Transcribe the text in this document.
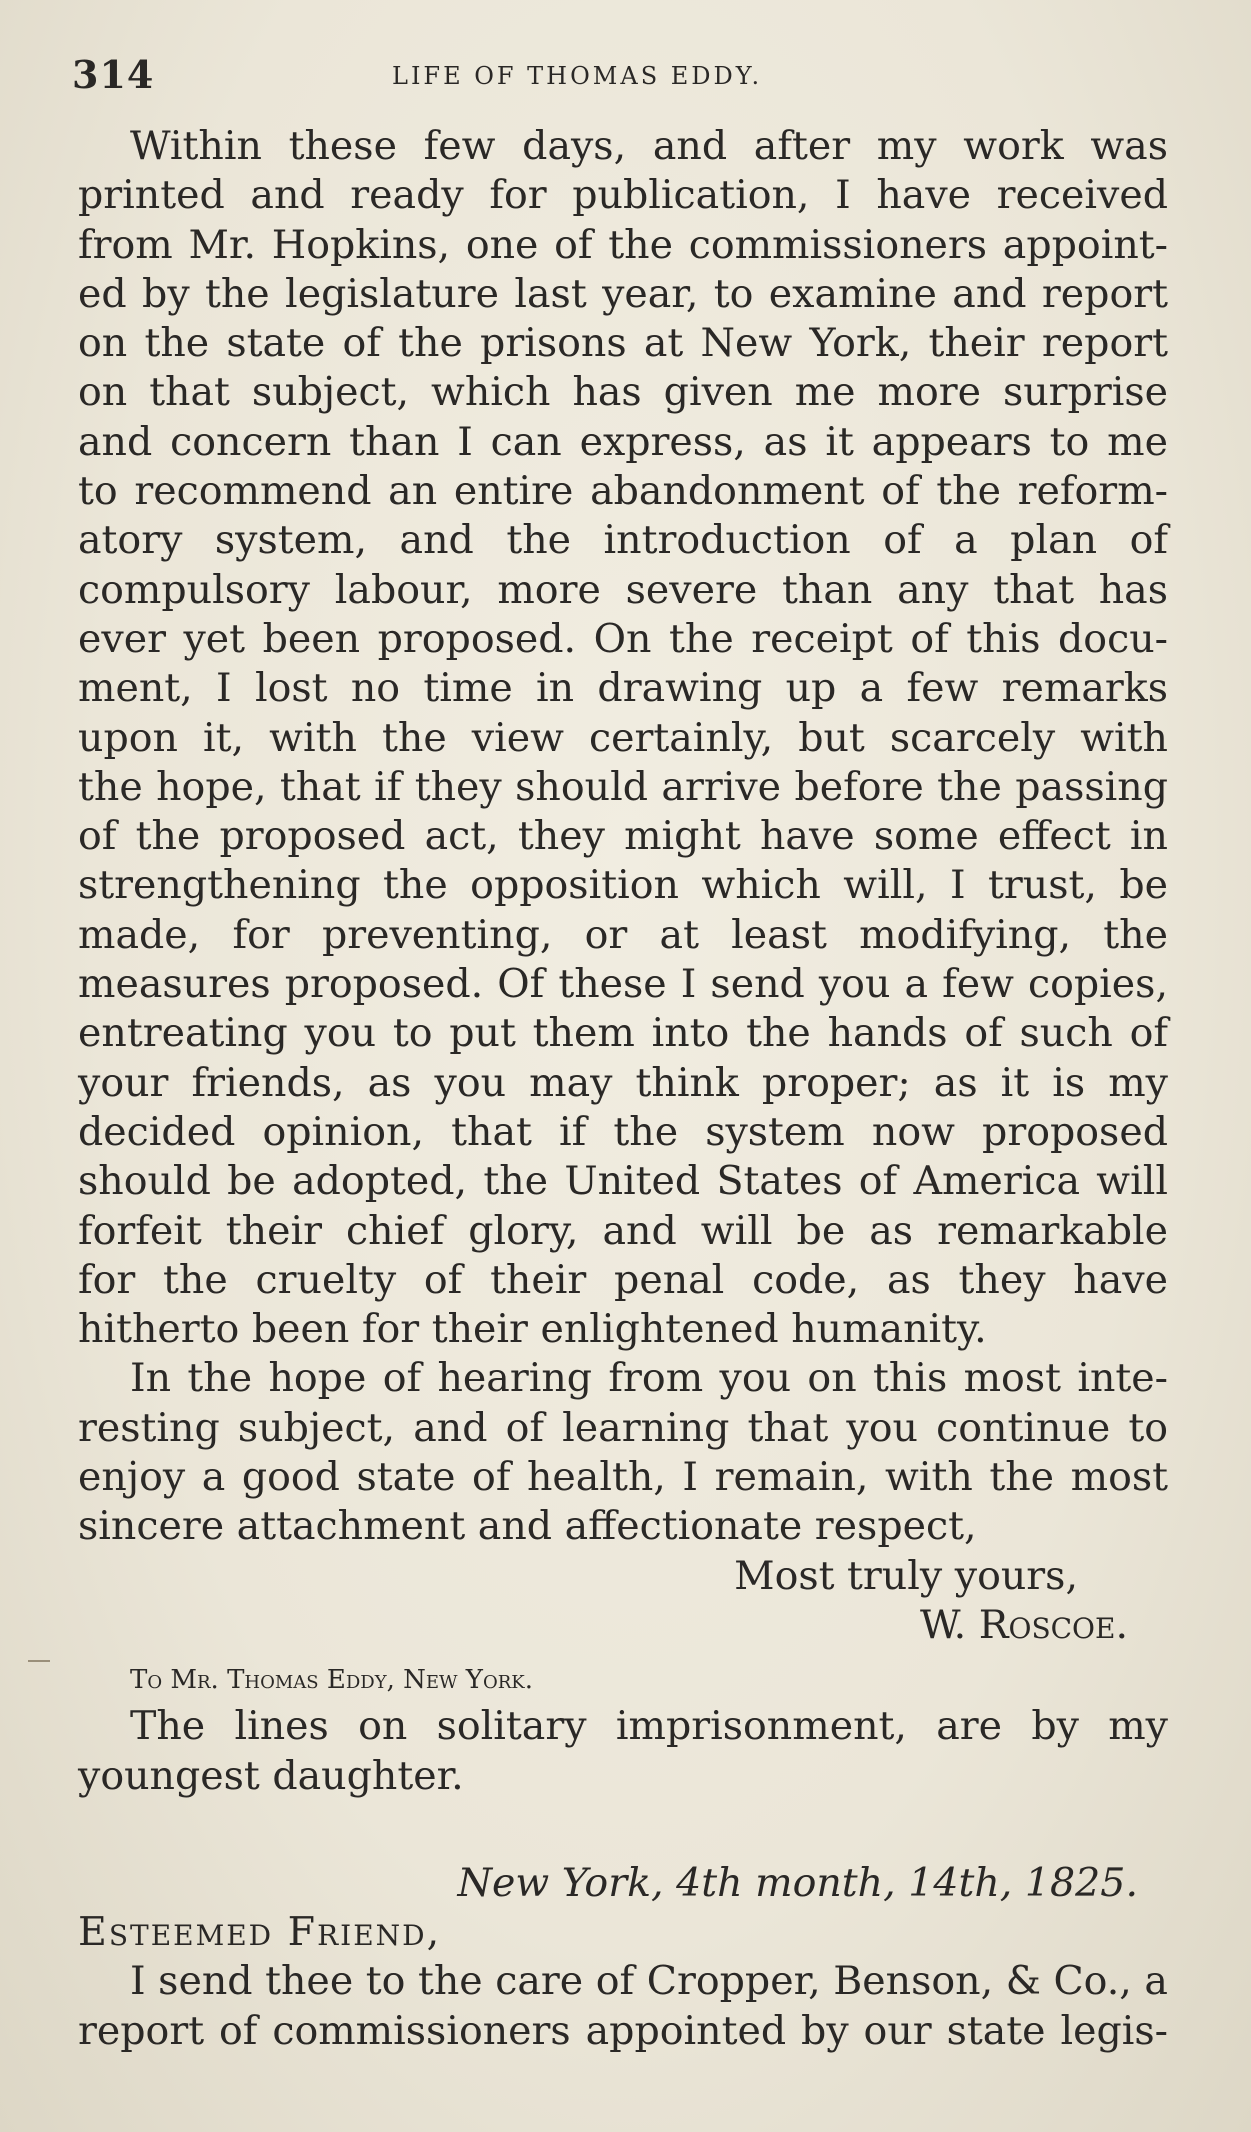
314	LIFE OF THOMAS EDDY.
Within these few days, and after my work was
printed and ready for publication, I have received
from Mr. Hopkins, one of the commissioners appoint-
ed by the legislature last year, to examine and report
on the state of the prisons at New York, their report
on that subject, which has given me more surprise
and concern than I can express, as it appears to me
to recommend an entire abandonment of the reform-
atory system, and the introduction of a plan of
compulsory labour, more severe than any that has
ever yet been proposed. On the receipt of this docu-
ment, I lost no time in drawing up a few remarks
upon it, with the view certainly, but scarcely with
the hope, that if they should arrive before the passing
of the proposed act, they might have some effect in
strengthening the opposition which will, I trust, be
made, for preventing, or at least modifying, the
measures proposed. Of these I send you a few copies,
entreating you to put them into the hands of such of
your friends, as you may think proper; as it is my
decided opinion, that if the system now proposed
should be adopted, the United States of America will
forfeit their chief glory, and will be as remarkable
for the cruelty of their penal code, as they have
hitherto been for their enlightened humanity.
In the hope of hearing from you on this most inte-
resting subject, and of learning that you continue to
enjoy a good state of health, I remain, with the most
sincere attachment and affectionate respect,
Most truly yours,
W. Roscoe.
To Mr. Thomas Eddy, New York.
The lines on solitary imprisonment, are by my
youngest daughter.
New York, 4th month, 14th, 1825.
Esteemed Friend,
I send thee to the care of Cropper, Benson, & Co., a
report of commissioners appointed by our state legis-
